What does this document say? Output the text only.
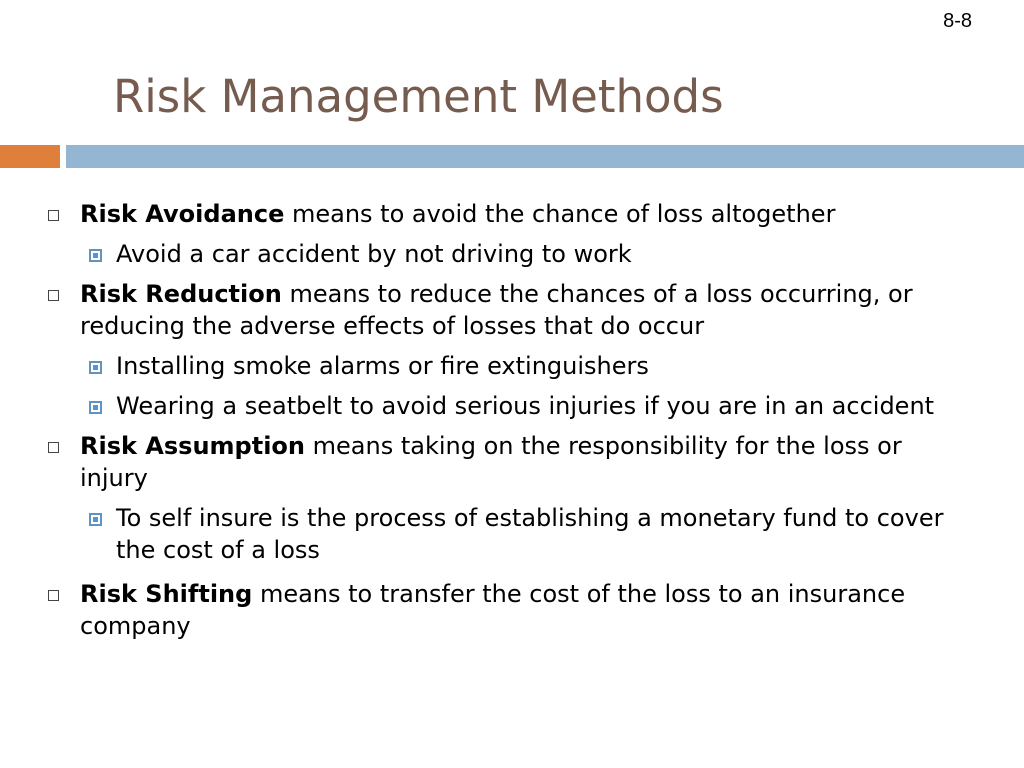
8-8
Risk Management Methods
Risk Avoidance means to avoid the chance of loss altogether
Avoid a car accident by not driving to work
Risk Reduction means to reduce the chances of a loss occurring, or reducing the adverse effects of losses that do occur
Installing smoke alarms or fire extinguishers
Wearing a seatbelt to avoid serious injuries if you are in an accident
Risk Assumption means taking on the responsibility for the loss or injury
To self insure is the process of establishing a monetary fund to cover the cost of a loss
Risk Shifting means to transfer the cost of the loss to an insurance company
